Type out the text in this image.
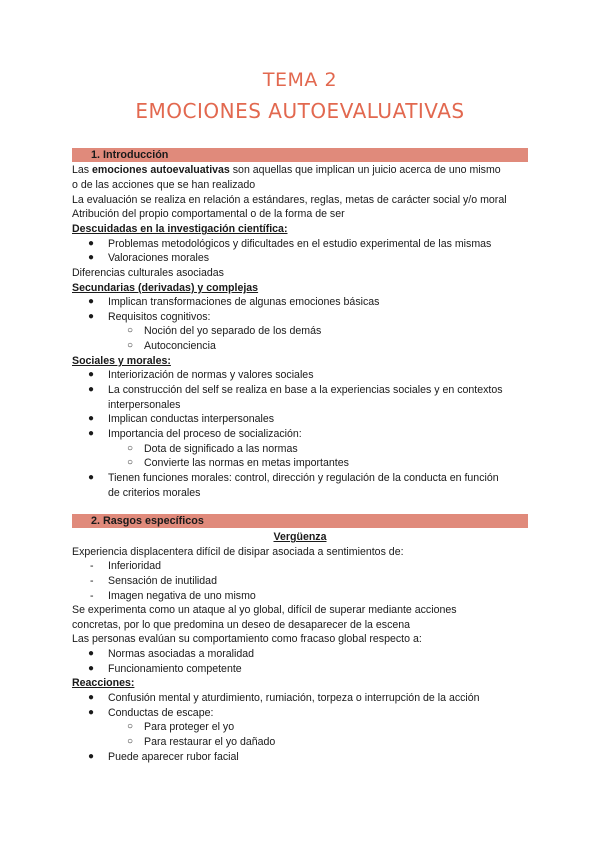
TEMA 2
EMOCIONES AUTOEVALUATIVAS
1. Introducción
Las emociones autoevaluativas son aquellas que implican un juicio acerca de uno mismo
o de las acciones que se han realizado
La evaluación se realiza en relación a estándares, reglas, metas de carácter social y/o moral
Atribución del propio comportamental o de la forma de ser
Descuidadas en la investigación científica:
● Problemas metodológicos y dificultades en el estudio experimental de las mismas
● Valoraciones morales
Diferencias culturales asociadas
Secundarias (derivadas) y complejas
● Implican transformaciones de algunas emociones básicas
● Requisitos cognitivos:
○ Noción del yo separado de los demás
○ Autoconciencia
Sociales y morales:
● Interiorización de normas y valores sociales
● La construcción del self se realiza en base a la experiencias sociales y en contextos
interpersonales
● Implican conductas interpersonales
● Importancia del proceso de socialización:
○ Dota de significado a las normas
○ Convierte las normas en metas importantes
● Tienen funciones morales: control, dirección y regulación de la conducta en función
de criterios morales
2. Rasgos específicos
Vergüenza
Experiencia displacentera difícil de disipar asociada a sentimientos de:
- Inferioridad
- Sensación de inutilidad
- Imagen negativa de uno mismo
Se experimenta como un ataque al yo global, difícil de superar mediante acciones
concretas, por lo que predomina un deseo de desaparecer de la escena
Las personas evalúan su comportamiento como fracaso global respecto a:
● Normas asociadas a moralidad
● Funcionamiento competente
Reacciones:
● Confusión mental y aturdimiento, rumiación, torpeza o interrupción de la acción
● Conductas de escape:
○ Para proteger el yo
○ Para restaurar el yo dañado
● Puede aparecer rubor facial
